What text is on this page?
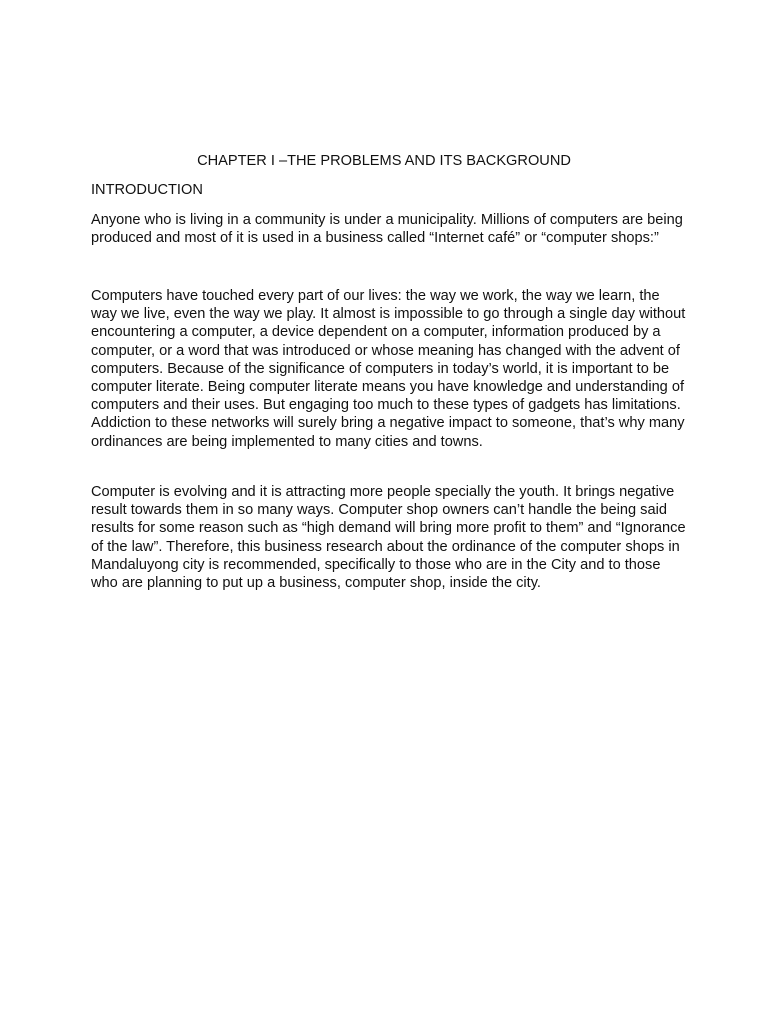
CHAPTER I –THE PROBLEMS AND ITS BACKGROUND
INTRODUCTION

Anyone who is living in a community is under a municipality. Millions of computers are being produced and most of it is used in a business called “Internet café” or “computer shops:”

Computers have touched every part of our lives: the way we work, the way we learn, the way we live, even the way we play. It almost is impossible to go through a single day without encountering a computer, a device dependent on a computer, information produced by a computer, or a word that was introduced or whose meaning has changed with the advent of computers. Because of the significance of computers in today’s world, it is important to be computer literate. Being computer literate means you have knowledge and understanding of computers and their uses. But engaging too much to these types of gadgets has limitations. Addiction to these networks will surely bring a negative impact to someone, that’s why many ordinances are being implemented to many cities and towns.

Computer is evolving and it is attracting more people specially the youth. It brings negative result towards them in so many ways. Computer shop owners can’t handle the being said results for some reason such as “high demand will bring more profit to them” and “Ignorance of the law”. Therefore, this business research about the ordinance of the computer shops in Mandaluyong city is recommended, specifically to those who are in the City and to those who are planning to put up a business, computer shop, inside the city.
